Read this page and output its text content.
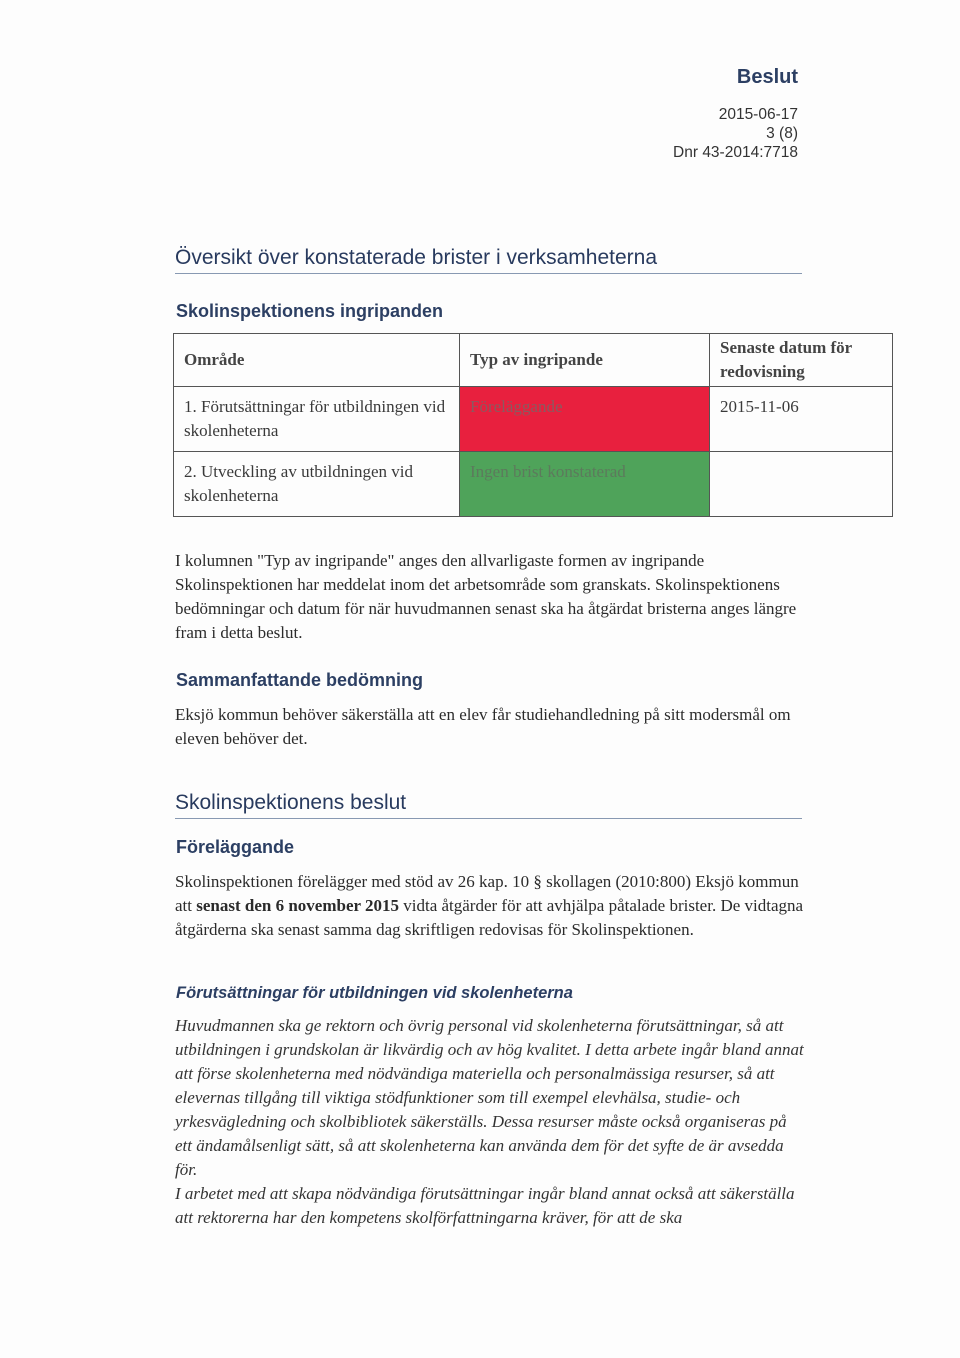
Beslut
2015-06-17
3 (8)
Dnr 43-2014:7718
Översikt över konstaterade brister i verksamheterna
Skolinspektionens ingripanden
Område	Typ av ingripande	Senaste datum för redovisning
1. Förutsättningar för utbildningen vid skolenheterna	Föreläggande	2015-11-06
2. Utveckling av utbildningen vid skolenheterna	Ingen brist konstaterad	
I kolumnen "Typ av ingripande" anges den allvarligaste formen av ingripande Skolinspektionen har meddelat inom det arbetsområde som granskats. Skolinspektionens bedömningar och datum för när huvudmannen senast ska ha åtgärdat bristerna anges längre fram i detta beslut.
Sammanfattande bedömning
Eksjö kommun behöver säkerställa att en elev får studiehandledning på sitt modersmål om eleven behöver det.
Skolinspektionens beslut
Föreläggande
Skolinspektionen förelägger med stöd av 26 kap. 10 § skollagen (2010:800) Eksjö kommun att senast den 6 november 2015 vidta åtgärder för att avhjälpa påtalade brister. De vidtagna åtgärderna ska senast samma dag skriftligen redovisas för Skolinspektionen.
Förutsättningar för utbildningen vid skolenheterna
Huvudmannen ska ge rektorn och övrig personal vid skolenheterna förutsättningar, så att utbildningen i grundskolan är likvärdig och av hög kvalitet. I detta arbete ingår bland annat att förse skolenheterna med nödvändiga materiella och personalmässiga resurser, så att elevernas tillgång till viktiga stödfunktioner som till exempel elevhälsa, studie- och yrkesvägledning och skolbibliotek säkerställs. Dessa resurser måste också organiseras på ett ändamålsenligt sätt, så att skolenheterna kan använda dem för det syfte de är avsedda för.
I arbetet med att skapa nödvändiga förutsättningar ingår bland annat också att säkerställa att rektorerna har den kompetens skolförfattningarna kräver, för att de ska
